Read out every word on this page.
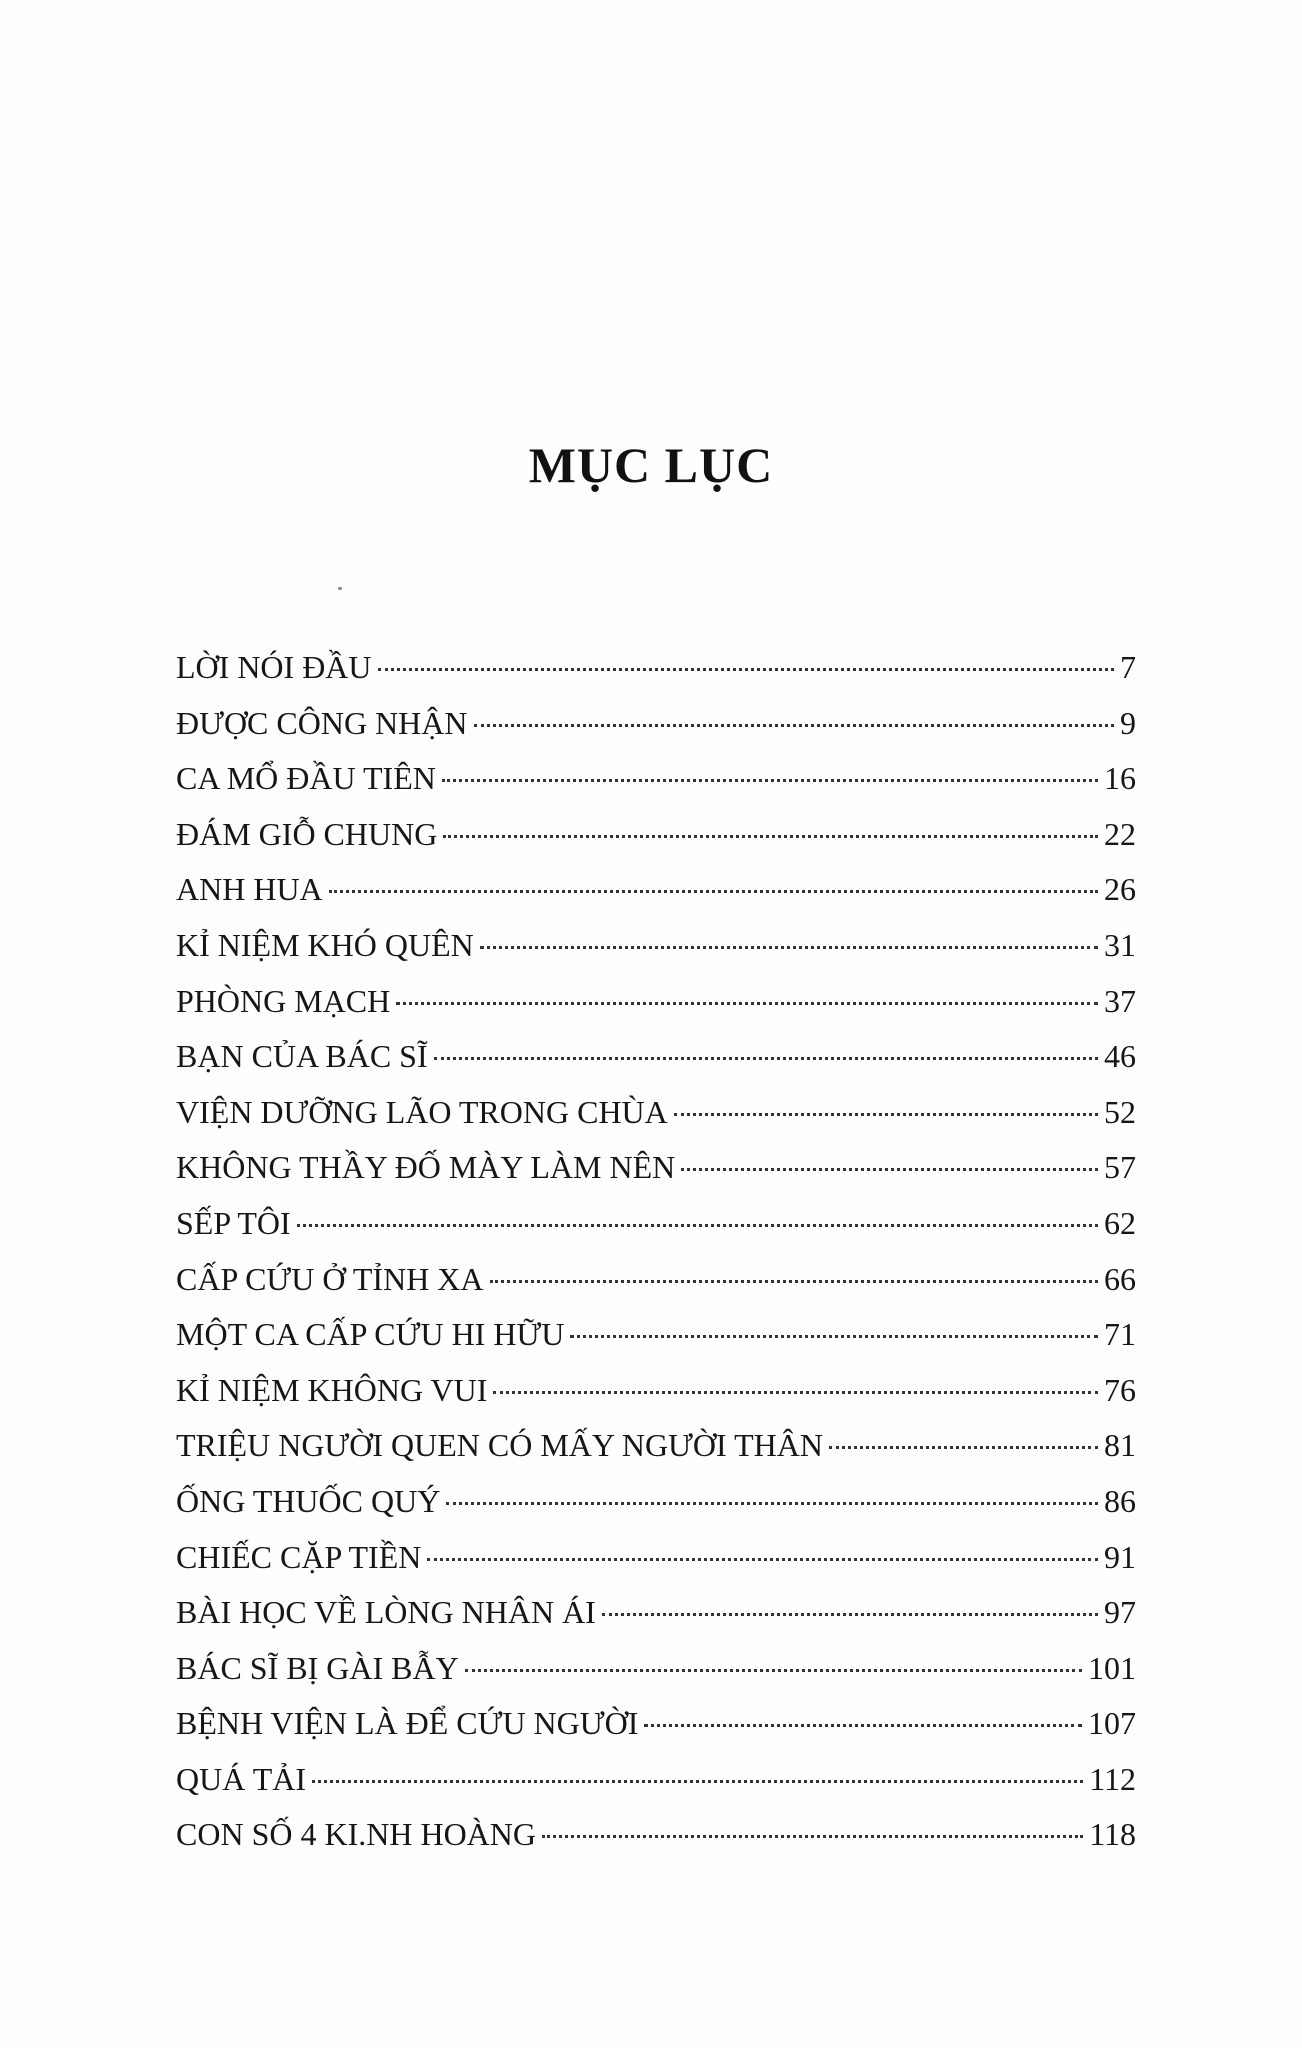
MỤC LỤC
LỜI NÓI ĐẦU	7
ĐƯỢC CÔNG NHẬN	9
CA MỔ ĐẦU TIÊN	16
ĐÁM GIỖ CHUNG	22
ANH HUA	26
KỈ NIỆM KHÓ QUÊN	31
PHÒNG MẠCH	37
BẠN CỦA BÁC SĨ	46
VIỆN DƯỠNG LÃO TRONG CHÙA	52
KHÔNG THẦY ĐỐ MÀY LÀM NÊN	57
SẾP TÔI	62
CẤP CỨU Ở TỈNH XA	66
MỘT CA CẤP CỨU HI HỮU	71
KỈ NIỆM KHÔNG VUI	76
TRIỆU NGƯỜI QUEN CÓ MẤY NGƯỜI THÂN	81
ỐNG THUỐC QUÝ	86
CHIẾC CẶP TIỀN	91
BÀI HỌC VỀ LÒNG NHÂN ÁI	97
BÁC SĨ BỊ GÀI BẪY	101
BỆNH VIỆN LÀ ĐỂ CỨU NGƯỜI	107
QUÁ TẢI	112
CON SỐ 4 KI.NH HOÀNG	118
